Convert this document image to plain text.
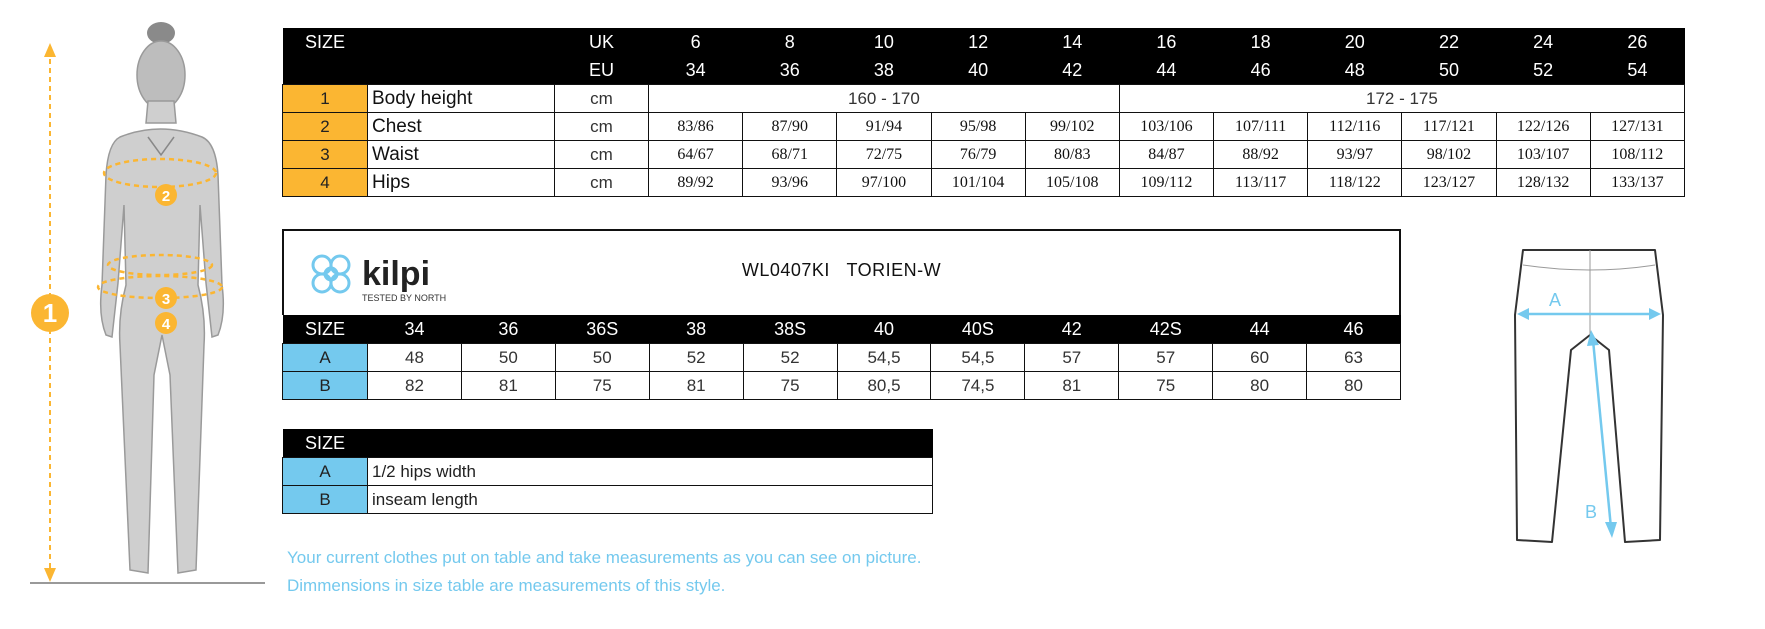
1
2
3
4
SIZE		UK	6	8	10	12	14	16	18	20	22	24	26
		EU	34	36	38	40	42	44	46	48	50	52	54
1	Body height	cm	160 - 170					172 - 175					
2	Chest	cm	83/86	87/90	91/94	95/98	99/102	103/106	107/111	112/116	117/121	122/126	127/131
3	Waist	cm	64/67	68/71	72/75	76/79	80/83	84/87	88/92	93/97	98/102	103/107	108/112
4	Hips	cm	89/92	93/96	97/100	101/104	105/108	109/112	113/117	118/122	123/127	128/132	133/137
kilpi
TESTED BY NORTH
WL0407KI TORIEN-W
SIZE	34	36	36S	38	38S	40	40S	42	42S	44	46
A	48	50	50	52	52	54,5	54,5	57	57	60	63
B	82	81	75	81	75	80,5	74,5	81	75	80	80
SIZE	
A	1/2 hips width
B	inseam length
Your current clothes put on table and take measurements as you can see on picture.
Dimmensions in size table are measurements of this style.
A
B
